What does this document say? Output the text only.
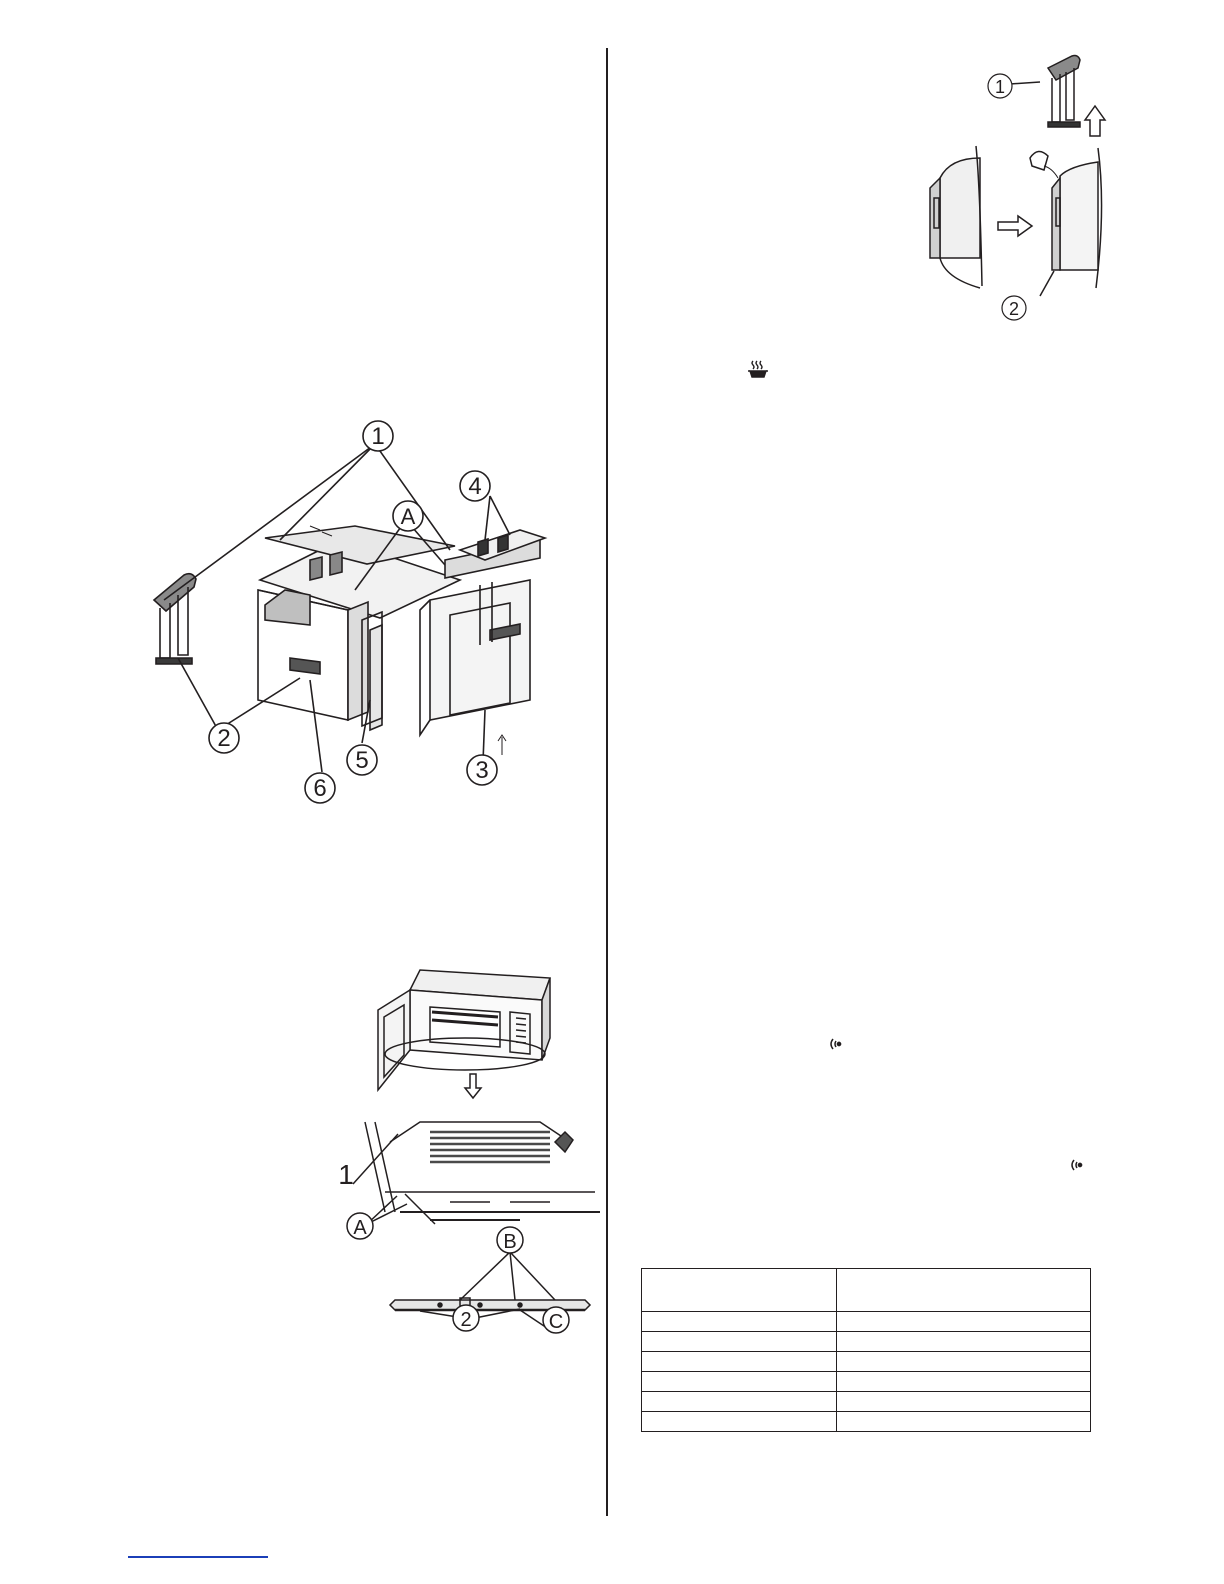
1
4
A
2
5
6
3
1
A
B
2	C
1
2
